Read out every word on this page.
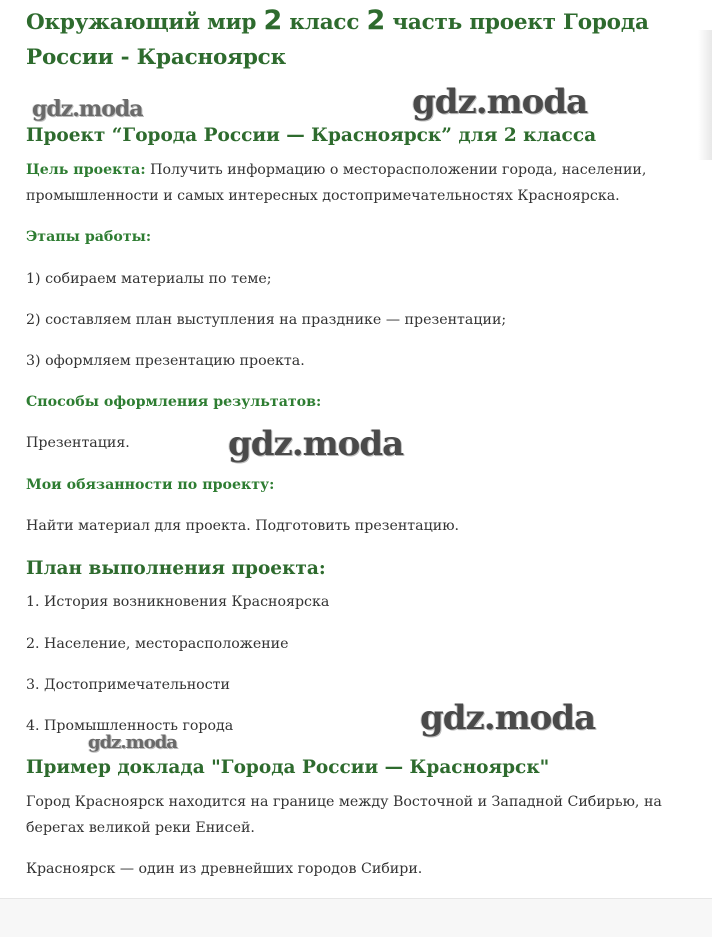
Окружающий мир 2 класс 2 часть проект Города России - Красноярск
Проект “Города России — Красноярск” для 2 класса

Цель проекта: Получить информацию о месторасположении города, населении, промышленности и самых интересных достопримечательностях Красноярска.

Этапы работы:

1) собираем материалы по теме;

2) составляем план выступления на празднике — презентации;

3) оформляем презентацию проекта.

Способы оформления результатов:

Презентация.

Мои обязанности по проекту:

Найти материал для проекта. Подготовить презентацию.

План выполнения проекта:

1. История возникновения Красноярска

2. Население, месторасположение

3. Достопримечательности

4. Промышленность города

Пример доклада "Города России — Красноярск"

Город Красноярск находится на границе между Восточной и Западной Сибирью, на берегах великой реки Енисей.

Красноярск — один из древнейших городов Сибири.

gdz.moda	gdz.moda
gdz.moda
gdz.moda
gdz.moda
